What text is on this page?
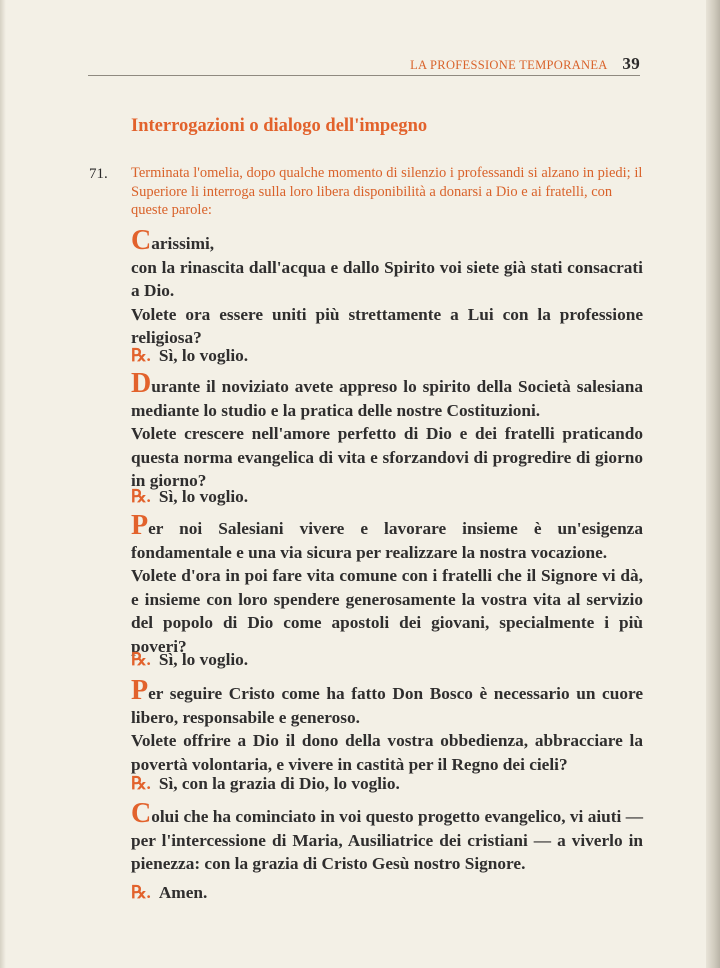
LA PROFESSIONE TEMPORANEA 39
Interrogazioni o dialogo dell'impegno
71. Terminata l'omelia, dopo qualche momento di silenzio i professandi si alzano in piedi; il Superiore li interroga sulla loro libera disponibilità a donarsi a Dio e ai fratelli, con queste parole:
Carissimi,
con la rinascita dall'acqua e dallo Spirito voi siete già stati consacrati a Dio.
Volete ora essere uniti più strettamente a Lui con la professione religiosa?
℞. Sì, lo voglio.
Durante il noviziato avete appreso lo spirito della Società salesiana mediante lo studio e la pratica delle nostre Costituzioni.
Volete crescere nell'amore perfetto di Dio e dei fratelli praticando questa norma evangelica di vita e sforzandovi di progredire di giorno in giorno?
℞. Sì, lo voglio.
Per noi Salesiani vivere e lavorare insieme è un'esigenza fondamentale e una via sicura per realizzare la nostra vocazione.
Volete d'ora in poi fare vita comune con i fratelli che il Signore vi dà, e insieme con loro spendere generosamente la vostra vita al servizio del popolo di Dio come apostoli dei giovani, specialmente i più poveri?
℞. Sì, lo voglio.
Per seguire Cristo come ha fatto Don Bosco è necessario un cuore libero, responsabile e generoso.
Volete offrire a Dio il dono della vostra obbedienza, abbracciare la povertà volontaria, e vivere in castità per il Regno dei cieli?
℞. Sì, con la grazia di Dio, lo voglio.
Colui che ha cominciato in voi questo progetto evangelico, vi aiuti — per l'intercessione di Maria, Ausiliatrice dei cristiani — a viverlo in pienezza: con la grazia di Cristo Gesù nostro Signore.
℞. Amen.
